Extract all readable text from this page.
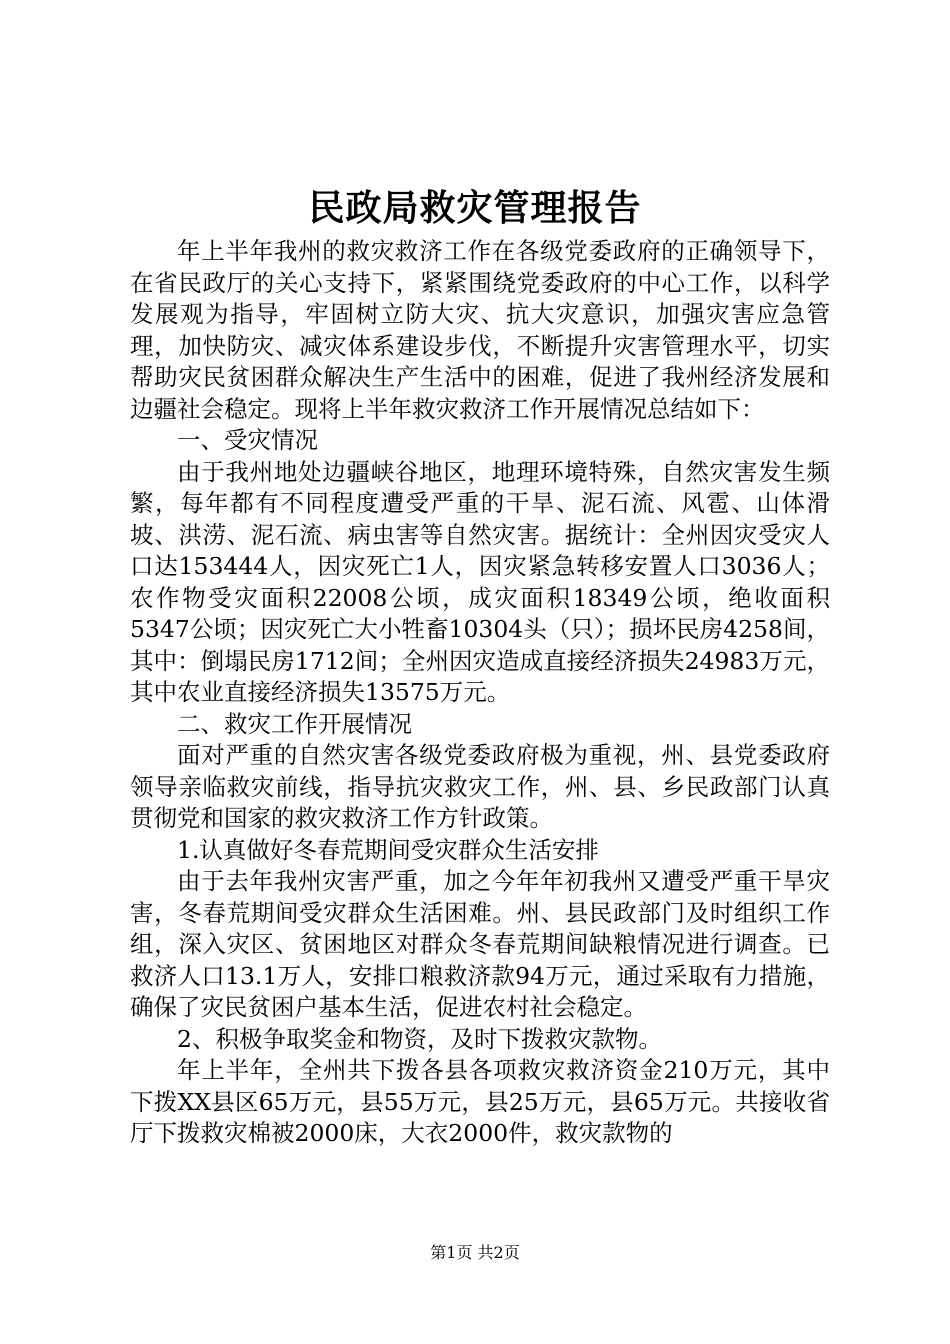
民政局救灾管理报告

年上半年我州的救灾救济工作在各级党委政府的正确领导下，在省民政厅的关心支持下，紧紧围绕党委政府的中心工作，以科学发展观为指导，牢固树立防大灾、抗大灾意识，加强灾害应急管理，加快防灾、减灾体系建设步伐，不断提升灾害管理水平，切实帮助灾民贫困群众解决生产生活中的困难，促进了我州经济发展和边疆社会稳定。现将上半年救灾救济工作开展情况总结如下：

一、受灾情况

由于我州地处边疆峡谷地区，地理环境特殊，自然灾害发生频繁，每年都有不同程度遭受严重的干旱、泥石流、风雹、山体滑坡、洪涝、泥石流、病虫害等自然灾害。据统计：全州因灾受灾人口达153444人，因灾死亡1人，因灾紧急转移安置人口3036人；农作物受灾面积22008公顷，成灾面积18349公顷，绝收面积5347公顷；因灾死亡大小牲畜10304头（只）；损坏民房4258间，其中：倒塌民房1712间；全州因灾造成直接经济损失24983万元，其中农业直接经济损失13575万元。

二、救灾工作开展情况

面对严重的自然灾害各级党委政府极为重视，州、县党委政府领导亲临救灾前线，指导抗灾救灾工作，州、县、乡民政部门认真贯彻党和国家的救灾救济工作方针政策。

1.认真做好冬春荒期间受灾群众生活安排

由于去年我州灾害严重，加之今年年初我州又遭受严重干旱灾害，冬春荒期间受灾群众生活困难。州、县民政部门及时组织工作组，深入灾区、贫困地区对群众冬春荒期间缺粮情况进行调查。已救济人口13.1万人，安排口粮救济款94万元，通过采取有力措施，确保了灾民贫困户基本生活，促进农村社会稳定。

2、积极争取奖金和物资，及时下拨救灾款物。

年上半年，全州共下拨各县各项救灾救济资金210万元，其中下拨XX县区65万元，县55万元，县25万元，县65万元。共接收省厅下拨救灾棉被2000床，大衣2000件，救灾款物的

第1页 共2页
